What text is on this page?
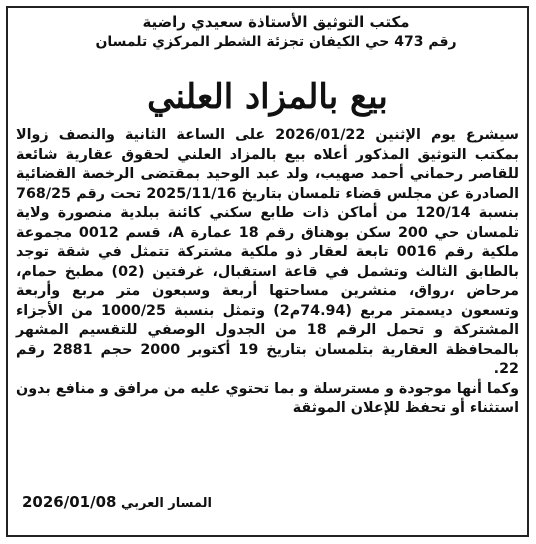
مكتب التوثيق الأستاذة سعيدي راضية
رقم 473 حي الكيفان تجزئة الشطر المركزي تلمسان
بيع بالمزاد العلني

سيشرع يوم الإثنين 2026/01/22 على الساعة الثانية والنصف زوالا بمكتب التوثيق المذكور أعلاه بيع بالمزاد العلني لحقوق عقارية شائعة للقاصر رحماني أحمد صهيب، ولد عبد الوحيد بمقتضى الرخصة القضائية الصادرة عن مجلس قضاء تلمسان بتاريخ 2025/11/16 تحت رقم 768/25 بنسبة 120/14 من أماكن ذات طابع سكني كائنة ببلدية منصورة ولاية تلمسان حي 200 سكن بوهناق رقم 18 عمارة A، قسم 0012 مجموعة ملكية رقم 0016 تابعة لعقار ذو ملكية مشتركة تتمثل في شقة توجد بالطابق الثالث وتشمل في قاعة استقبال، غرفتين (02) مطبخ حمام، مرحاض ،رواق، منشرين مساحتها أربعة وسبعون متر مربع وأربعة وتسعون ديسمتر مربع (74.94م2) وتمثل بنسبة 1000/25 من الأجزاء المشتركة و تحمل الرقم 18 من الجدول الوصفي للتقسيم المشهر بالمحافظة العقارية بتلمسان بتاريخ 19 أكتوبر 2000 حجم 2881 رقم 22.

وكما أنها موجودة و مسترسلة و بما تحتوي عليه من مرافق و منافع بدون استثناء أو تحفظ للإعلان الموثقة

المسار العربي 2026/01/08
